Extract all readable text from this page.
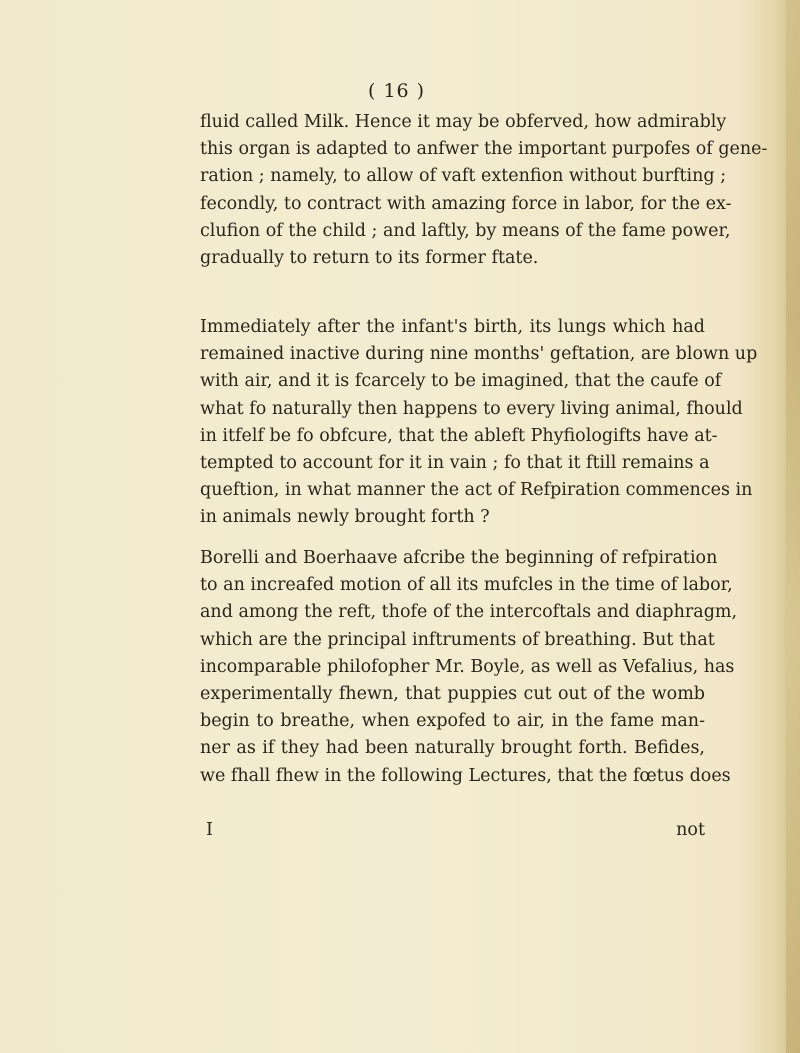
( 16 )
fluid called Milk. Hence it may be obferved, how admirably
this organ is adapted to anfwer the important purpofes of gene-
ration ; namely, to allow of vaft extenfion without burfting ;
fecondly, to contract with amazing force in labor, for the ex-
clufion of the child ; and laftly, by means of the fame power,
gradually to return to its former ftate.
Immediately after the infant's birth, its lungs which had
remained inactive during nine months' geftation, are blown up
with air, and it is fcarcely to be imagined, that the caufe of
what fo naturally then happens to every living animal, fhould
in itfelf be fo obfcure, that the ableft Phyfiologifts have at-
tempted to account for it in vain ; fo that it ftill remains a
queftion, in what manner the act of Refpiration commences in
in animals newly brought forth ?
Borelli and Boerhaave afcribe the beginning of refpiration
to an increafed motion of all its mufcles in the time of labor,
and among the reft, thofe of the intercoftals and diaphragm,
which are the principal inftruments of breathing. But that
incomparable philofopher Mr. Boyle, as well as Vefalius, has
experimentally fhewn, that puppies cut out of the womb
begin to breathe, when expofed to air, in the fame man-
ner as if they had been naturally brought forth. Befides,
we fhall fhew in the following Lectures, that the fœtus does
I	not
